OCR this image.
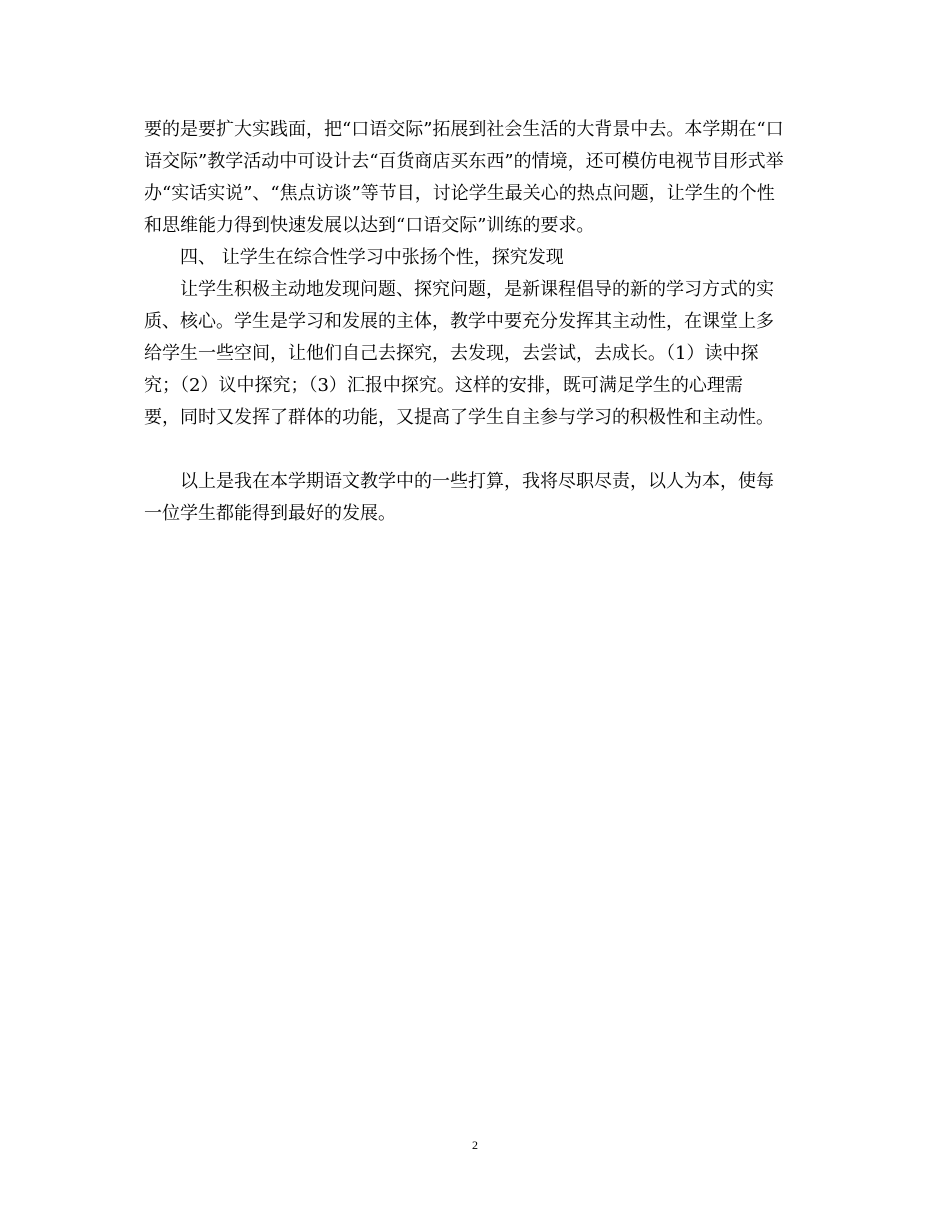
要的是要扩大实践面，把“口语交际”拓展到社会生活的大背景中去。本学期在“口
语交际”教学活动中可设计去“百货商店买东西”的情境，还可模仿电视节目形式举
办“实话实说”、“焦点访谈”等节目，讨论学生最关心的热点问题，让学生的个性
和思维能力得到快速发展以达到“口语交际”训练的要求。
四、 让学生在综合性学习中张扬个性，探究发现
让学生积极主动地发现问题、探究问题，是新课程倡导的新的学习方式的实
质、核心。学生是学习和发展的主体，教学中要充分发挥其主动性，在课堂上多
给学生一些空间，让他们自己去探究，去发现，去尝试，去成长。（1）读中探
究；（2）议中探究；（3）汇报中探究。这样的安排，既可满足学生的心理需
要，同时又发挥了群体的功能，又提高了学生自主参与学习的积极性和主动性。
以上是我在本学期语文教学中的一些打算，我将尽职尽责，以人为本，使每
一位学生都能得到最好的发展。
2
